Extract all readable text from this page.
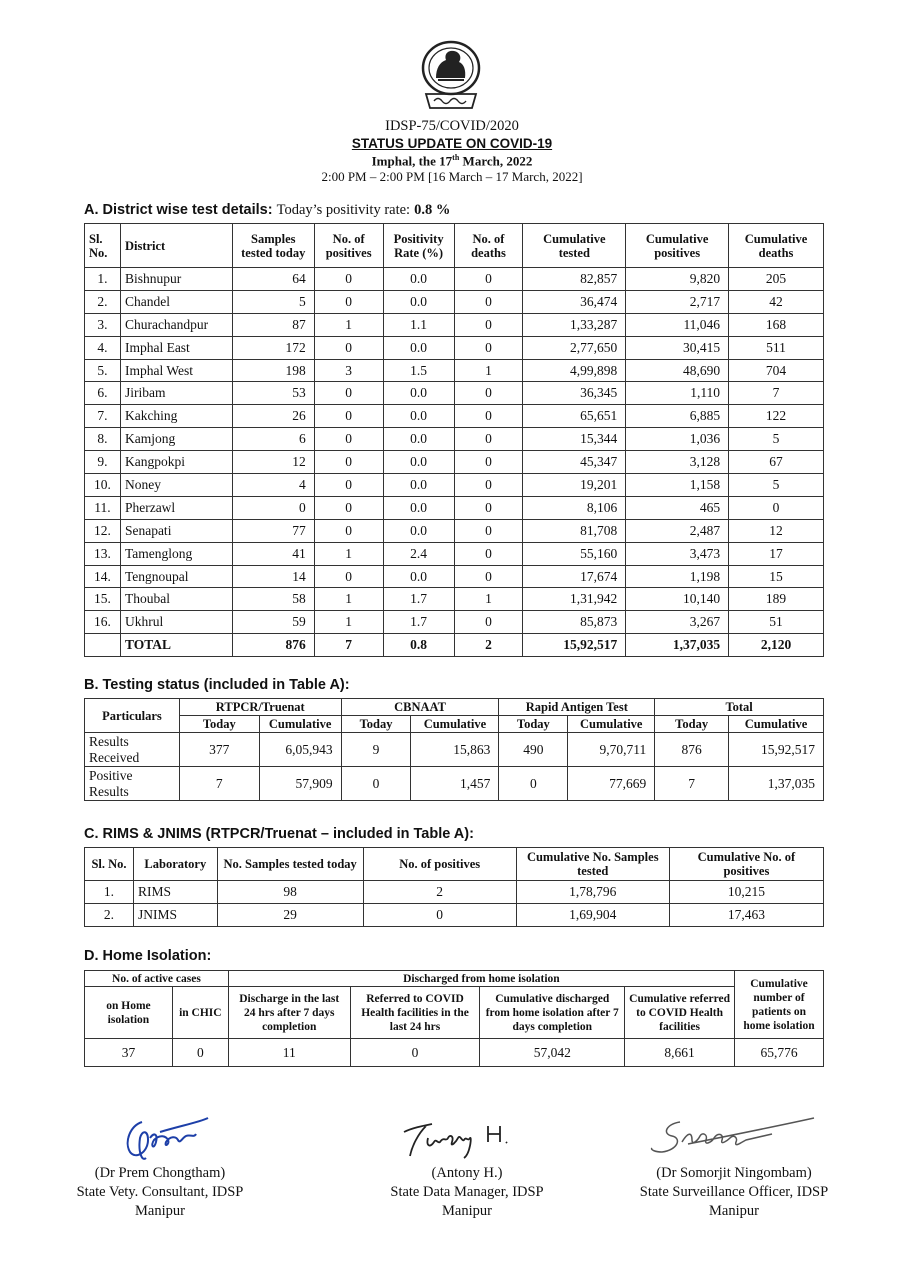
IDSP-75/COVID/2020
STATUS UPDATE ON COVID-19
Imphal, the 17th March, 2022
2:00 PM – 2:00 PM [16 March – 17 March, 2022]
A. District wise test details: Today’s positivity rate: 0.8 %
Sl. No.	District	Samples tested today	No. of positives	Positivity Rate (%)	No. of deaths	Cumulative tested	Cumulative positives	Cumulative deaths
1.	Bishnupur	64	0	0.0	0	82,857	9,820	205
2.	Chandel	5	0	0.0	0	36,474	2,717	42
3.	Churachandpur	87	1	1.1	0	1,33,287	11,046	168
4.	Imphal East	172	0	0.0	0	2,77,650	30,415	511
5.	Imphal West	198	3	1.5	1	4,99,898	48,690	704
6.	Jiribam	53	0	0.0	0	36,345	1,110	7
7.	Kakching	26	0	0.0	0	65,651	6,885	122
8.	Kamjong	6	0	0.0	0	15,344	1,036	5
9.	Kangpokpi	12	0	0.0	0	45,347	3,128	67
10.	Noney	4	0	0.0	0	19,201	1,158	5
11.	Pherzawl	0	0	0.0	0	8,106	465	0
12.	Senapati	77	0	0.0	0	81,708	2,487	12
13.	Tamenglong	41	1	2.4	0	55,160	3,473	17
14.	Tengnoupal	14	0	0.0	0	17,674	1,198	15
15.	Thoubal	58	1	1.7	1	1,31,942	10,140	189
16.	Ukhrul	59	1	1.7	0	85,873	3,267	51
	TOTAL	876	7	0.8	2	15,92,517	1,37,035	2,120
B. Testing status (included in Table A):
Particulars	RTPCR/Truenat		CBNAAT		Rapid Antigen Test		Total	
	Today	Cumulative	Today	Cumulative	Today	Cumulative	Today	Cumulative
Results Received	377	6,05,943	9	15,863	490	9,70,711	876	15,92,517
Positive Results	7	57,909	0	1,457	0	77,669	7	1,37,035
C. RIMS & JNIMS (RTPCR/Truenat – included in Table A):
Sl. No.	Laboratory	No. Samples tested today	No. of positives	Cumulative No. Samples tested	Cumulative No. of positives
1.	RIMS	98	2	1,78,796	10,215
2.	JNIMS	29	0	1,69,904	17,463
D. Home Isolation:
No. of active cases		Discharged from home isolation				Cumulative number of patients on home isolation
on Home isolation	in CHIC	Discharge in the last 24 hrs after 7 days completion	Referred to COVID Health facilities in the last 24 hrs	Cumulative discharged from home isolation after 7 days completion	Cumulative referred to COVID Health facilities	
37	0	11	0	57,042	8,661	65,776
(Dr Prem Chongtham)
State Vety. Consultant, IDSP
Manipur
(Antony H.)
State Data Manager, IDSP
Manipur
(Dr Somorjit Ningombam)
State Surveillance Officer, IDSP
Manipur
